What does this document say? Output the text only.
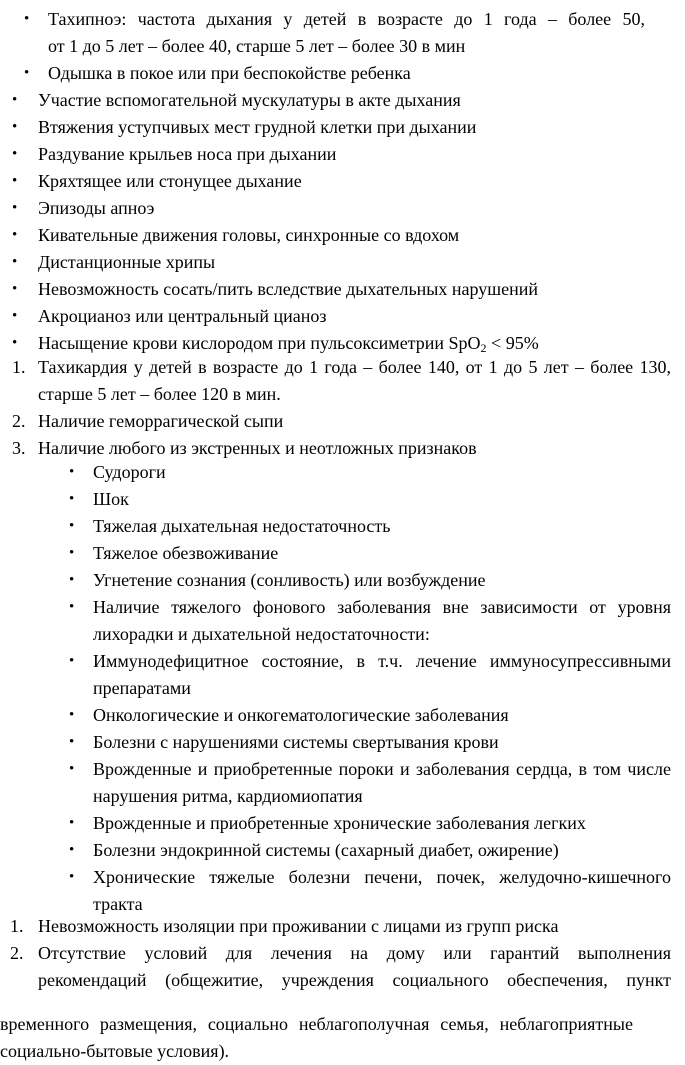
• Тахипноэ: частота дыхания у детей в возрасте до 1 года – более 50,
от 1 до 5 лет – более 40, старше 5 лет – более 30 в мин
• Одышка в покое или при беспокойстве ребенка
• Участие вспомогательной мускулатуры в акте дыхания
• Втяжения уступчивых мест грудной клетки при дыхании
• Раздувание крыльев носа при дыхании
• Кряхтящее или стонущее дыхание
• Эпизоды апноэ
• Кивательные движения головы, синхронные со вдохом
• Дистанционные хрипы
• Невозможность сосать/пить вследствие дыхательных нарушений
• Акроцианоз или центральный цианоз
• Насыщение крови кислородом при пульсоксиметрии SpO$_2$ < 95%
1. Тахикардия у детей в возрасте до 1 года – более 140, от 1 до 5 лет – более 130,
старше 5 лет – более 120 в мин.
2. Наличие геморрагической сыпи
3. Наличие любого из экстренных и неотложных признаков
• Судороги
• Шок
• Тяжелая дыхательная недостаточность
• Тяжелое обезвоживание
• Угнетение сознания (сонливость) или возбуждение
• Наличие тяжелого фонового заболевания вне зависимости от уровня
лихорадки и дыхательной недостаточности:
• Иммунодефицитное состояние, в т.ч. лечение иммуносупрессивными
препаратами
• Онкологические и онкогематологические заболевания
• Болезни с нарушениями системы свертывания крови
• Врожденные и приобретенные пороки и заболевания сердца, в том числе
нарушения ритма, кардиомиопатия
• Врожденные и приобретенные хронические заболевания легких
• Болезни эндокринной системы (сахарный диабет, ожирение)
• Хронические тяжелые болезни печени, почек, желудочно-кишечного
тракта
1. Невозможность изоляции при проживании с лицами из групп риска
2. Отсутствие условий для лечения на дому или гарантий выполнения
рекомендаций (общежитие, учреждения социального обеспечения, пункт
временного размещения, социально неблагополучная семья, неблагоприятные
социально-бытовые условия).
